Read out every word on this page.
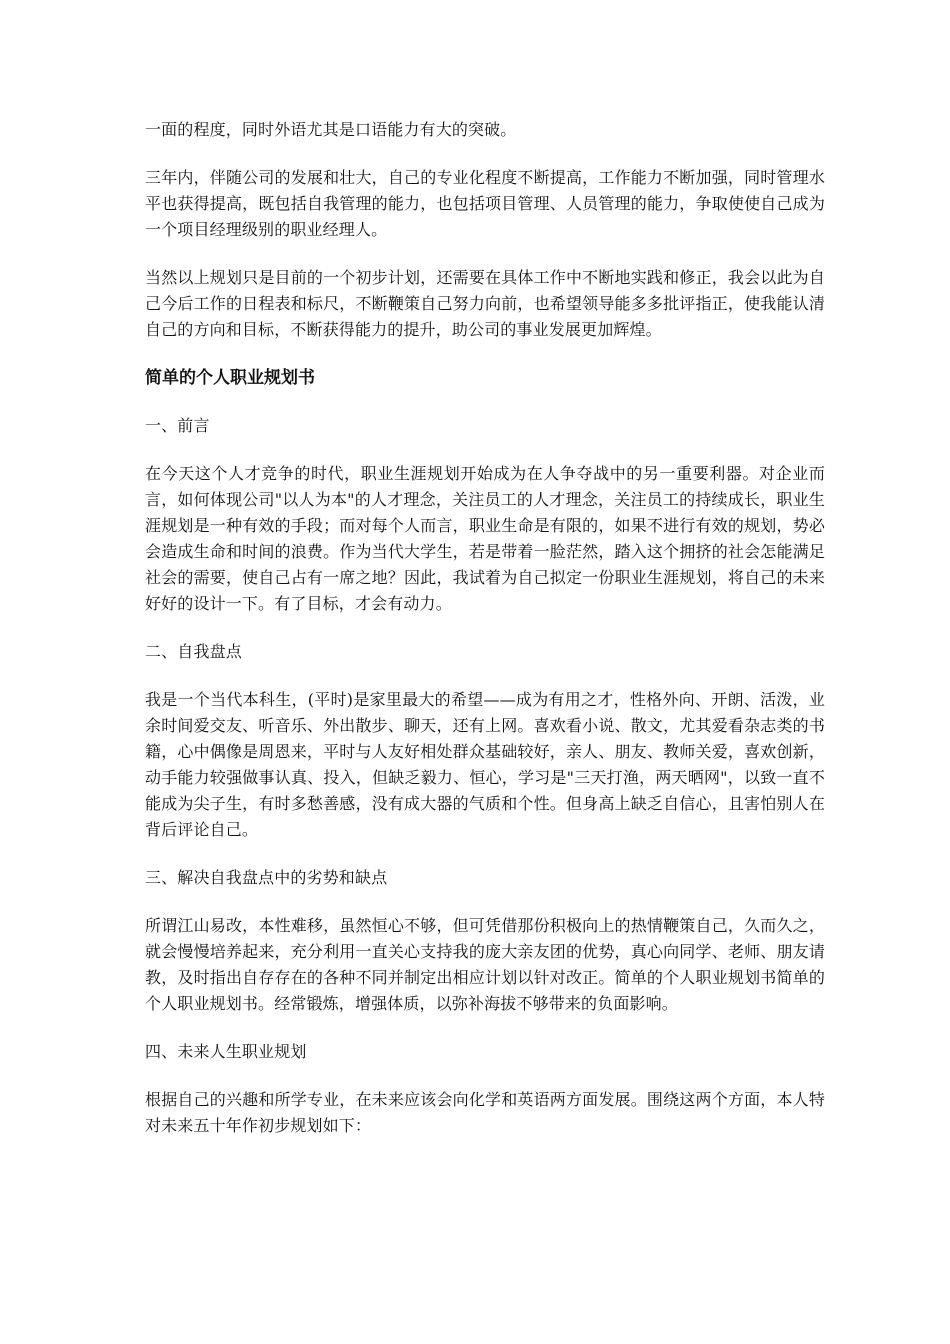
一面的程度，同时外语尤其是口语能力有大的突破。

三年内，伴随公司的发展和壮大，自己的专业化程度不断提高，工作能力不断加强，同时管理水平也获得提高，既包括自我管理的能力，也包括项目管理、人员管理的能力，争取使使自己成为一个项目经理级别的职业经理人。

当然以上规划只是目前的一个初步计划，还需要在具体工作中不断地实践和修正，我会以此为自己今后工作的日程表和标尺，不断鞭策自己努力向前，也希望领导能多多批评指正，使我能认清自己的方向和目标，不断获得能力的提升，助公司的事业发展更加辉煌。

简单的个人职业规划书

一、前言

在今天这个人才竞争的时代，职业生涯规划开始成为在人争夺战中的另一重要利器。对企业而言，如何体现公司"以人为本"的人才理念，关注员工的人才理念，关注员工的持续成长，职业生涯规划是一种有效的手段；而对每个人而言，职业生命是有限的，如果不进行有效的规划，势必会造成生命和时间的浪费。作为当代大学生，若是带着一脸茫然，踏入这个拥挤的社会怎能满足社会的需要，使自己占有一席之地？因此，我试着为自己拟定一份职业生涯规划，将自己的未来好好的设计一下。有了目标，才会有动力。

二、自我盘点

我是一个当代本科生，(平时)是家里最大的希望——成为有用之才，性格外向、开朗、活泼，业余时间爱交友、听音乐、外出散步、聊天，还有上网。喜欢看小说、散文，尤其爱看杂志类的书籍，心中偶像是周恩来，平时与人友好相处群众基础较好，亲人、朋友、教师关爱，喜欢创新，动手能力较强做事认真、投入，但缺乏毅力、恒心，学习是"三天打渔，两天晒网"，以致一直不能成为尖子生，有时多愁善感，没有成大器的气质和个性。但身高上缺乏自信心，且害怕别人在背后评论自己。

三、解决自我盘点中的劣势和缺点

所谓江山易改，本性难移，虽然恒心不够，但可凭借那份积极向上的热情鞭策自己，久而久之，就会慢慢培养起来，充分利用一直关心支持我的庞大亲友团的优势，真心向同学、老师、朋友请教，及时指出自存存在的各种不同并制定出相应计划以针对改正。简单的个人职业规划书简单的个人职业规划书。经常锻炼，增强体质，以弥补海拔不够带来的负面影响。

四、未来人生职业规划

根据自己的兴趣和所学专业，在未来应该会向化学和英语两方面发展。围绕这两个方面，本人特对未来五十年作初步规划如下：
